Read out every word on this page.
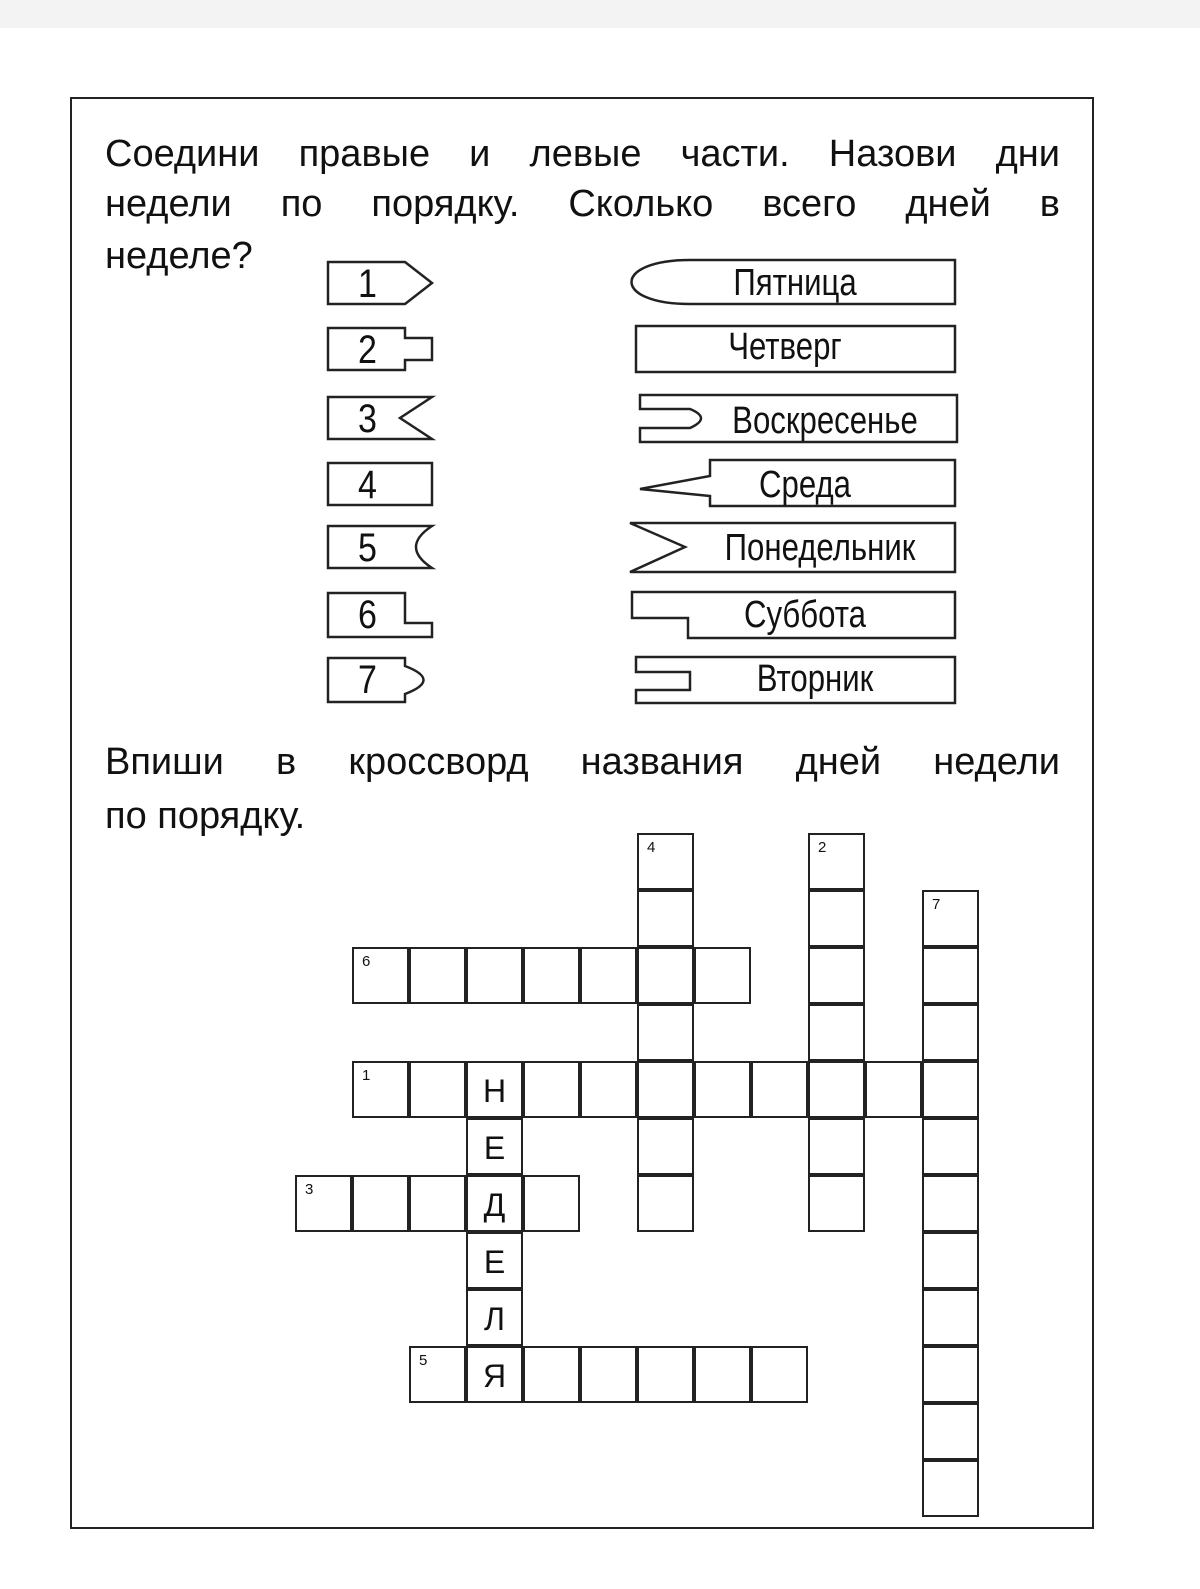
Соедини правые и левые части. Назови дни
недели по порядку. Сколько всего дней в
неделе?
1
2
3
4
5
6
7
Пятница
Четверг
Воскресенье
Среда
Понедельник
Суббота
Вторник
Впиши в кроссворд названия дней недели
по порядку.
1	Н
2
3	Д
4
5	Я
6
7
Е
Е
Л
